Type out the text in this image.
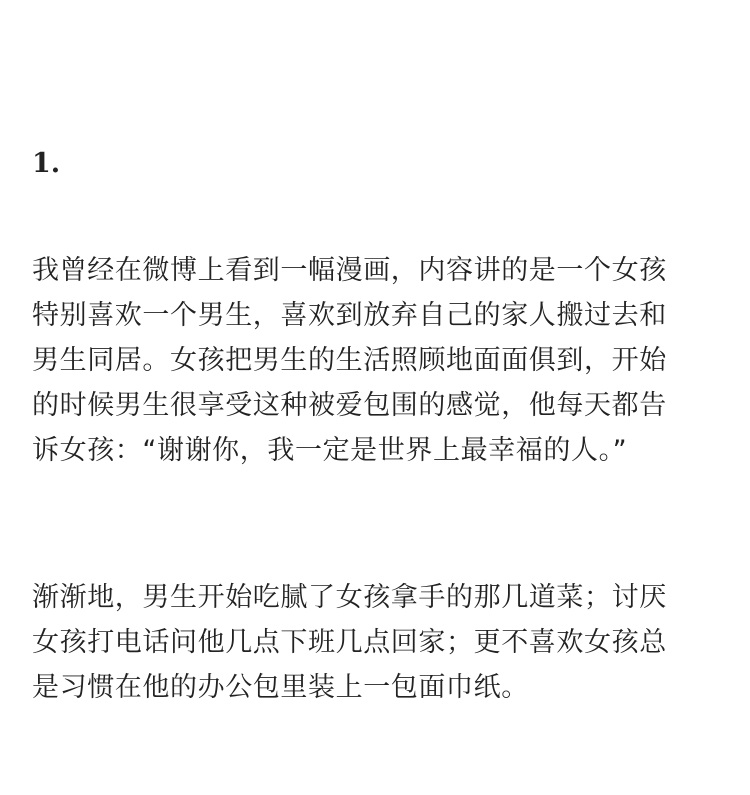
1.
我曾经在微博上看到一幅漫画，内容讲的是一个女孩
特别喜欢一个男生，喜欢到放弃自己的家人搬过去和
男生同居。女孩把男生的生活照顾地面面俱到，开始
的时候男生很享受这种被爱包围的感觉，他每天都告
诉女孩：“谢谢你，我一定是世界上最幸福的人。”
渐渐地，男生开始吃腻了女孩拿手的那几道菜；讨厌
女孩打电话问他几点下班几点回家；更不喜欢女孩总
是习惯在他的办公包里装上一包面巾纸。
